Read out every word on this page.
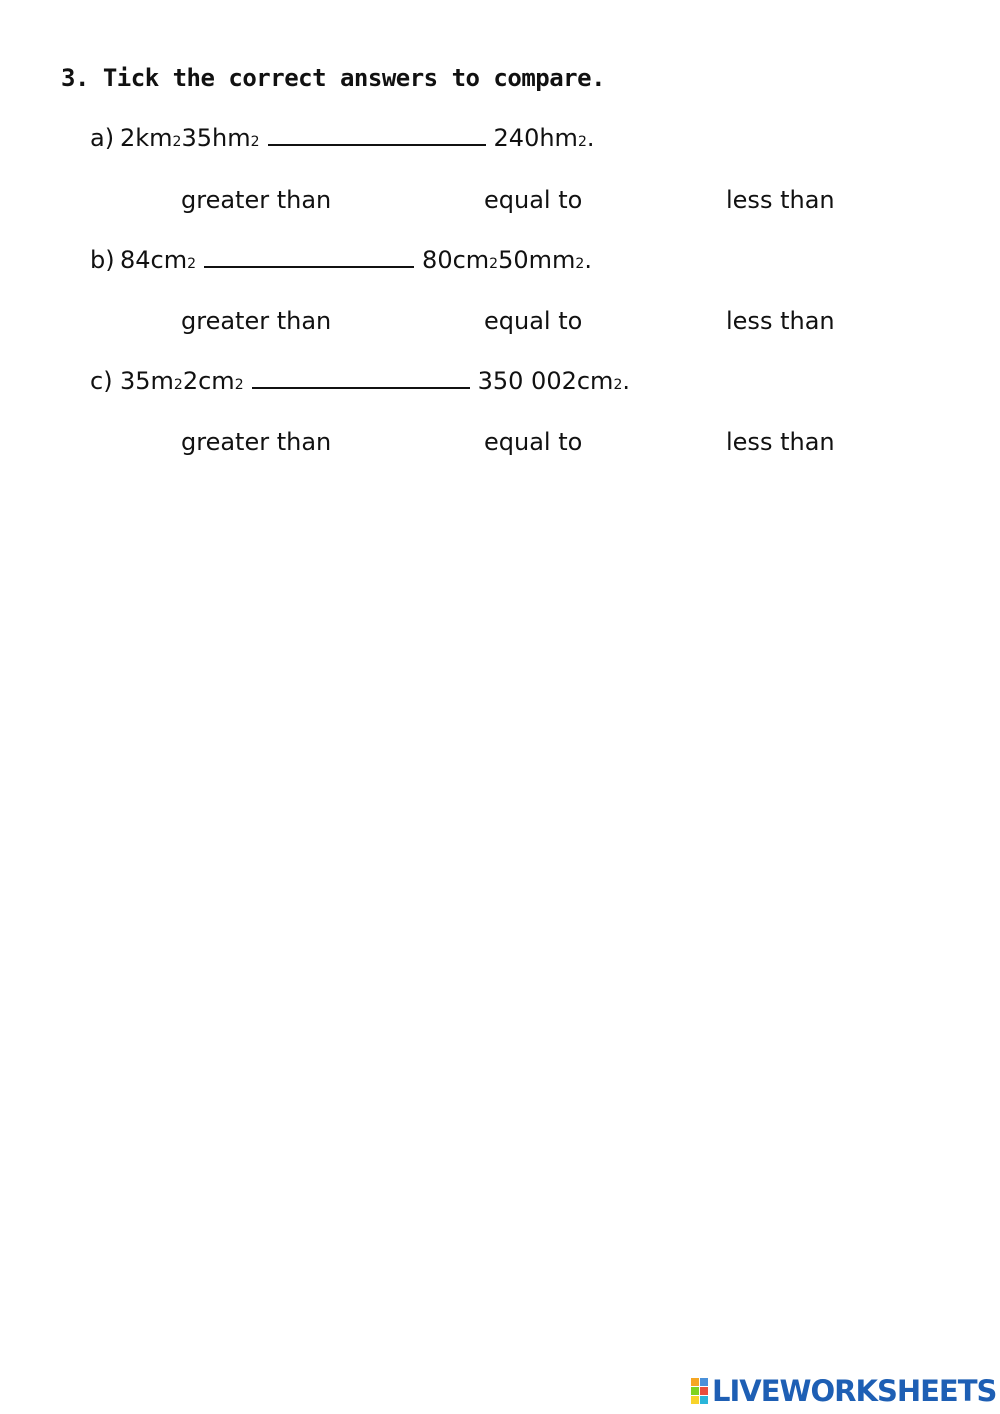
3. Tick the correct answers to compare.
a) 2km 2 35hm 2	240hm 2 .
greater than	equal to	less than
b) 84cm 2	80cm 2 50mm 2 .
greater than	equal to	less than
c) 35m 2 2cm 2	350 002cm 2 .
greater than	equal to	less than
LIVEWORKSHEETS
